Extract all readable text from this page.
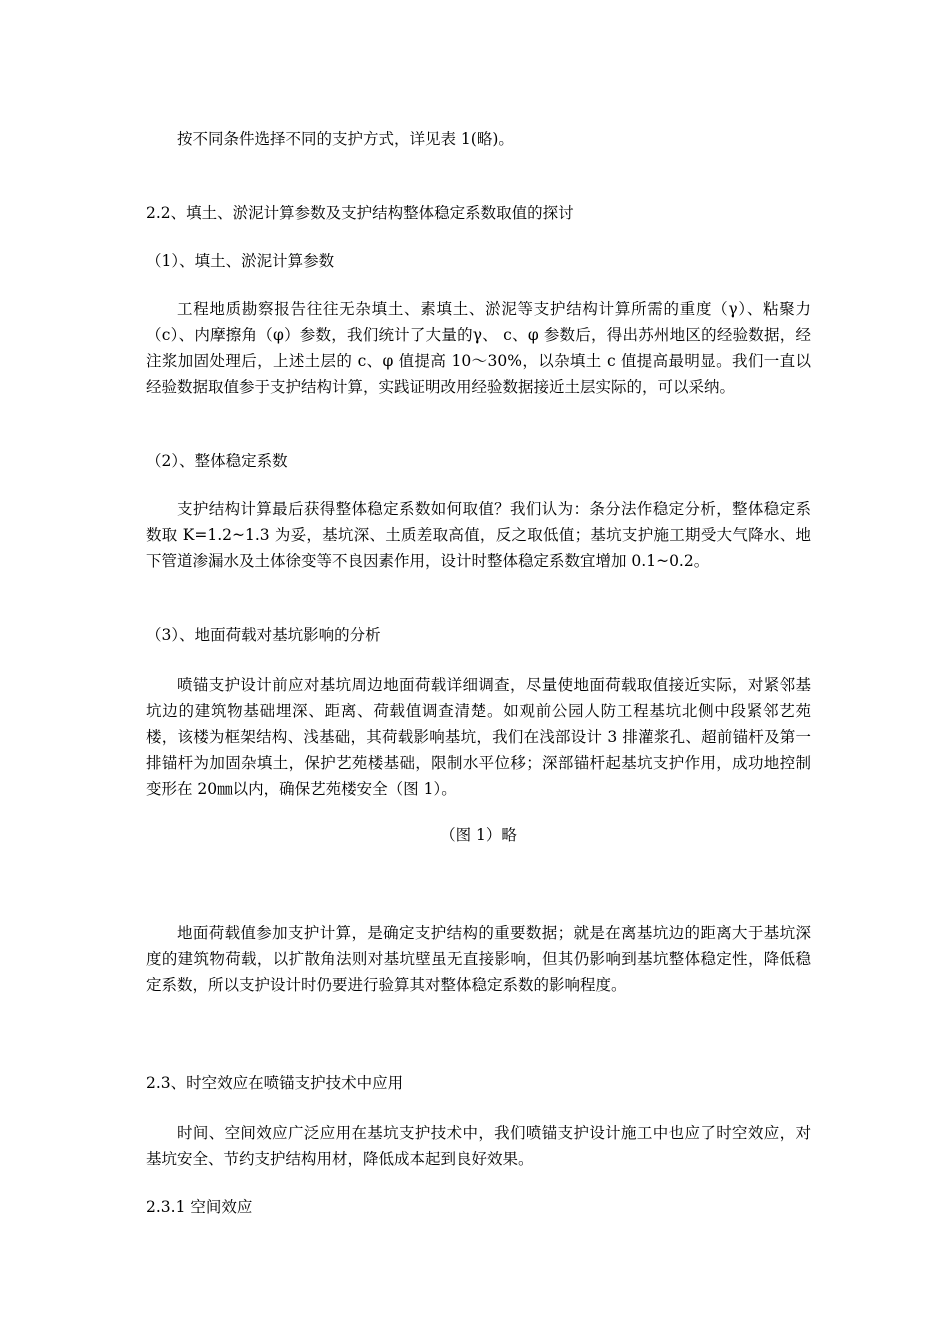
按不同条件选择不同的支护方式，详见表 1(略)。

2.2、填土、淤泥计算参数及支护结构整体稳定系数取值的探讨

（1）、填土、淤泥计算参数

工程地质勘察报告往往无杂填土、素填土、淤泥等支护结构计算所需的重度（γ）、粘聚力（c）、内摩擦角（φ）参数，我们统计了大量的γ、 c、φ 参数后，得出苏州地区的经验数据，经注浆加固处理后，上述土层的 c、φ 值提高 10～30%，以杂填土 c 值提高最明显。我们一直以经验数据取值参于支护结构计算，实践证明改用经验数据接近土层实际的，可以采纳。

（2）、整体稳定系数

支护结构计算最后获得整体稳定系数如何取值？我们认为：条分法作稳定分析，整体稳定系数取 K=1.2~1.3 为妥，基坑深、土质差取高值，反之取低值；基坑支护施工期受大气降水、地下管道渗漏水及土体徐变等不良因素作用，设计时整体稳定系数宜增加 0.1~0.2。

（3）、地面荷载对基坑影响的分析

喷锚支护设计前应对基坑周边地面荷载详细调查，尽量使地面荷载取值接近实际，对紧邻基坑边的建筑物基础埋深、距离、荷载值调查清楚。如观前公园人防工程基坑北侧中段紧邻艺苑楼，该楼为框架结构、浅基础，其荷载影响基坑，我们在浅部设计 3 排灌浆孔、超前锚杆及第一排锚杆为加固杂填土，保护艺苑楼基础，限制水平位移；深部锚杆起基坑支护作用，成功地控制变形在 20㎜以内，确保艺苑楼安全（图 1）。

（图 1）略

地面荷载值参加支护计算，是确定支护结构的重要数据；就是在离基坑边的距离大于基坑深度的建筑物荷载，以扩散角法则对基坑壁虽无直接影响，但其仍影响到基坑整体稳定性，降低稳定系数，所以支护设计时仍要进行验算其对整体稳定系数的影响程度。

2.3、时空效应在喷锚支护技术中应用

时间、空间效应广泛应用在基坑支护技术中，我们喷锚支护设计施工中也应了时空效应，对基坑安全、节约支护结构用材，降低成本起到良好效果。

2.3.1 空间效应
